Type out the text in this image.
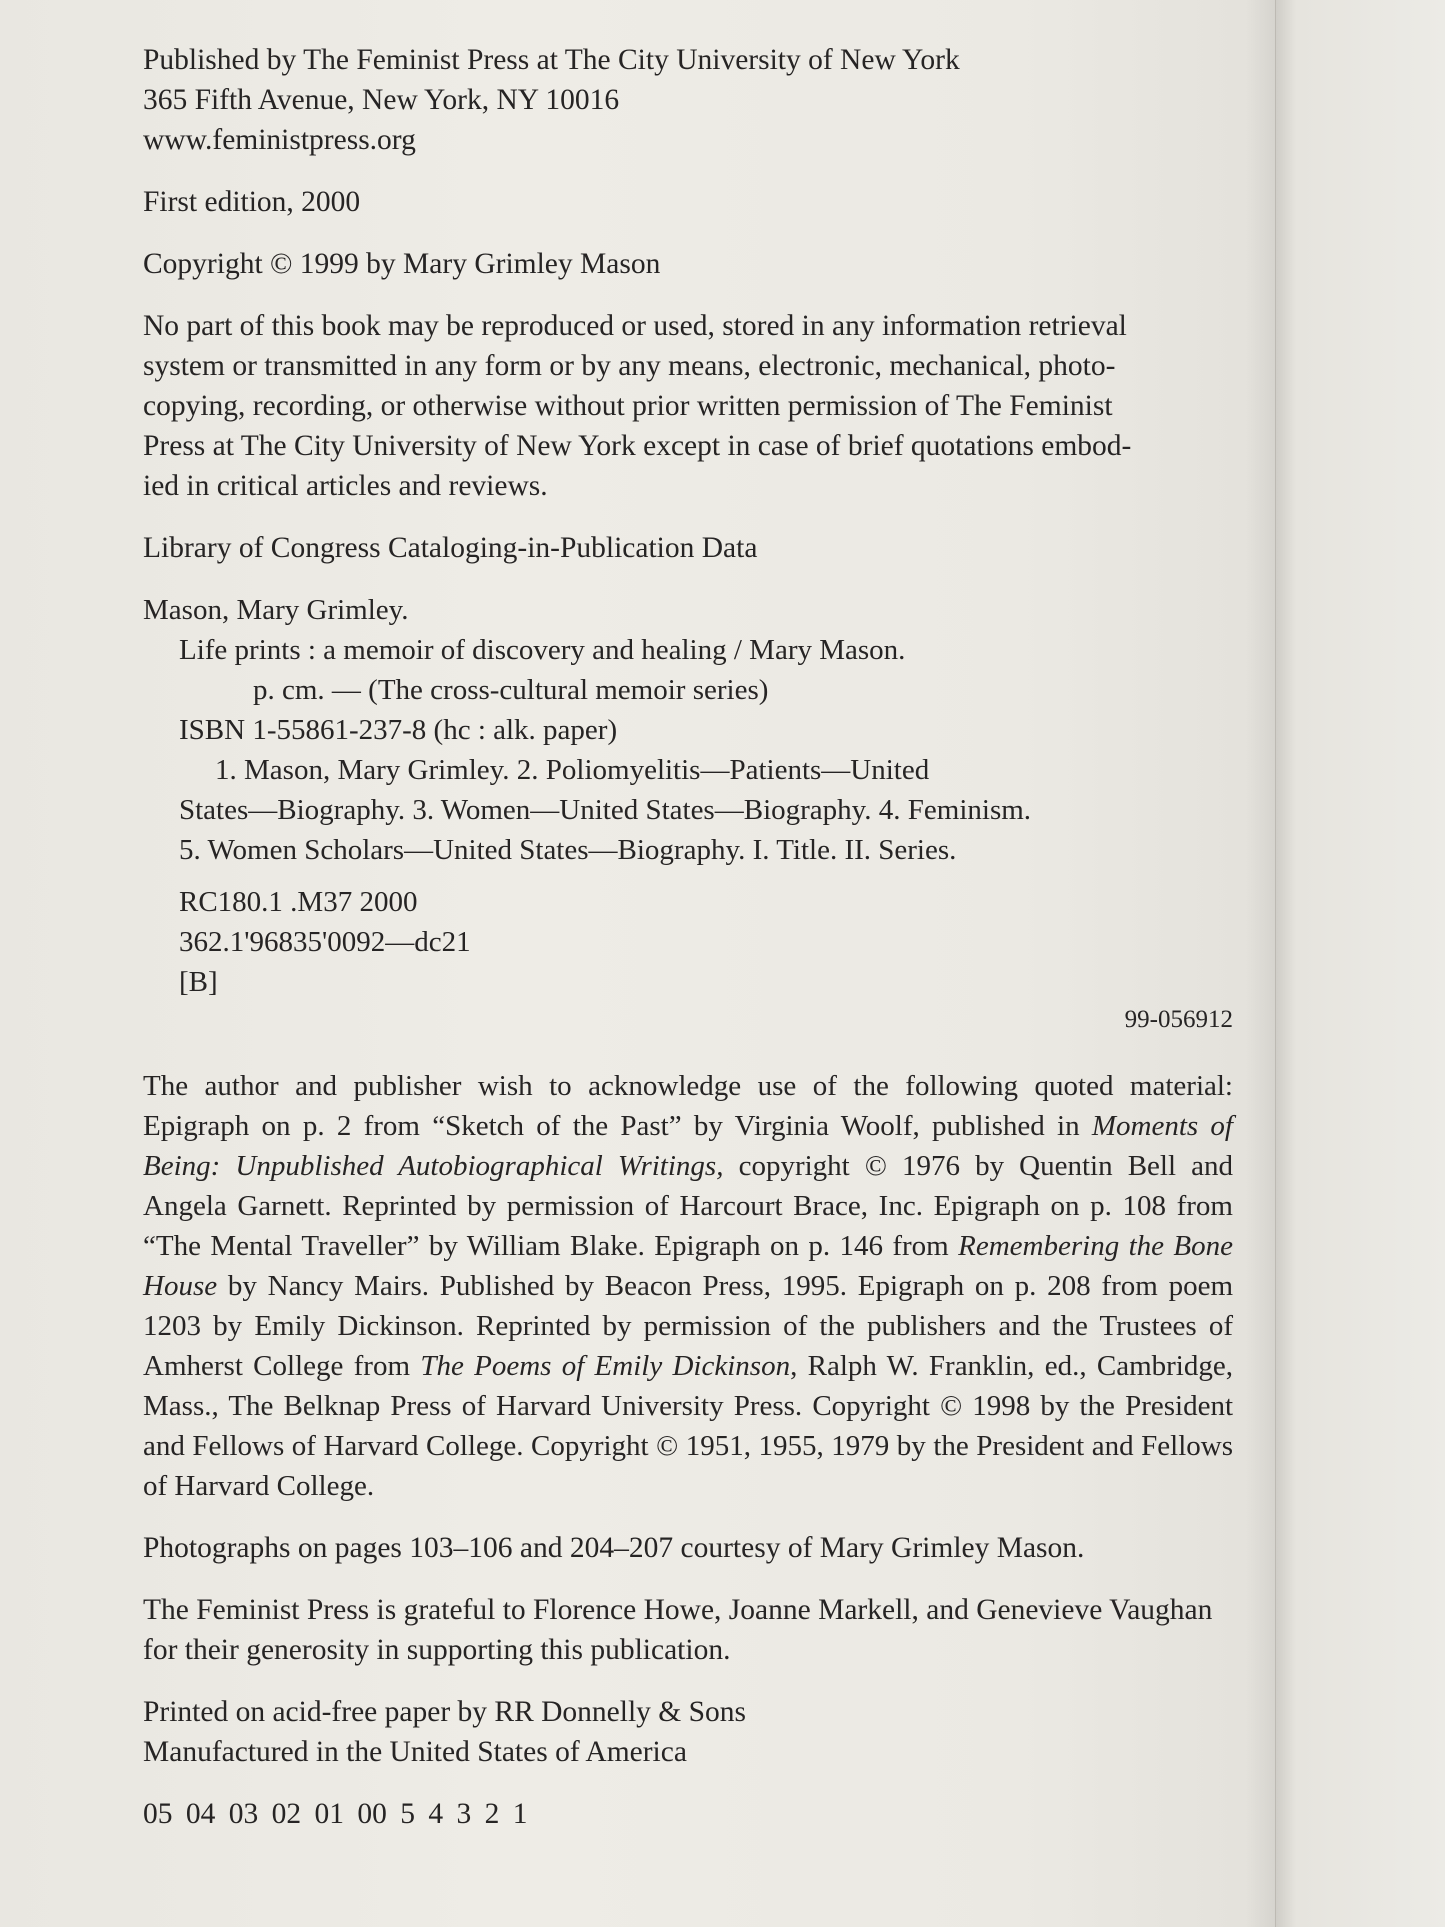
Published by The Feminist Press at The City University of New York
365 Fifth Avenue, New York, NY 10016
www.feministpress.org
First edition, 2000
Copyright © 1999 by Mary Grimley Mason
No part of this book may be reproduced or used, stored in any information retrieval
system or transmitted in any form or by any means, electronic, mechanical, photo-
copying, recording, or otherwise without prior written permission of The Feminist
Press at The City University of New York except in case of brief quotations embod-
ied in critical articles and reviews.
Library of Congress Cataloging-in-Publication Data
Mason, Mary Grimley.
Life prints : a memoir of discovery and healing / Mary Mason.
p. cm. — (The cross-cultural memoir series)
ISBN 1-55861-237-8 (hc : alk. paper)
1. Mason, Mary Grimley. 2. Poliomyelitis—Patients—United
States—Biography. 3. Women—United States—Biography. 4. Feminism.
5. Women Scholars—United States—Biography. I. Title. II. Series.
RC180.1 .M37 2000
362.1'96835'0092—dc21
[B]
99-056912
The author and publisher wish to acknowledge use of the following quoted material: Epigraph on p. 2 from “Sketch of the Past” by Virginia Woolf, published in Moments of Being: Unpublished Autobiographical Writings, copyright © 1976 by Quentin Bell and Angela Garnett. Reprinted by permission of Harcourt Brace, Inc. Epigraph on p. 108 from “The Mental Traveller” by William Blake. Epigraph on p. 146 from Remembering the Bone House by Nancy Mairs. Published by Beacon Press, 1995. Epigraph on p. 208 from poem 1203 by Emily Dickinson. Reprinted by permission of the publishers and the Trustees of Amherst College from The Poems of Emily Dickinson, Ralph W. Franklin, ed., Cambridge, Mass., The Belknap Press of Harvard University Press. Copyright © 1998 by the President and Fellows of Harvard College. Copyright © 1951, 1955, 1979 by the President and Fellows of Harvard College.
Photographs on pages 103–106 and 204–207 courtesy of Mary Grimley Mason.
The Feminist Press is grateful to Florence Howe, Joanne Markell, and Genevieve Vaughan for their generosity in supporting this publication.
Printed on acid-free paper by RR Donnelly & Sons
Manufactured in the United States of America
05 04 03 02 01 00 5 4 3 2 1
